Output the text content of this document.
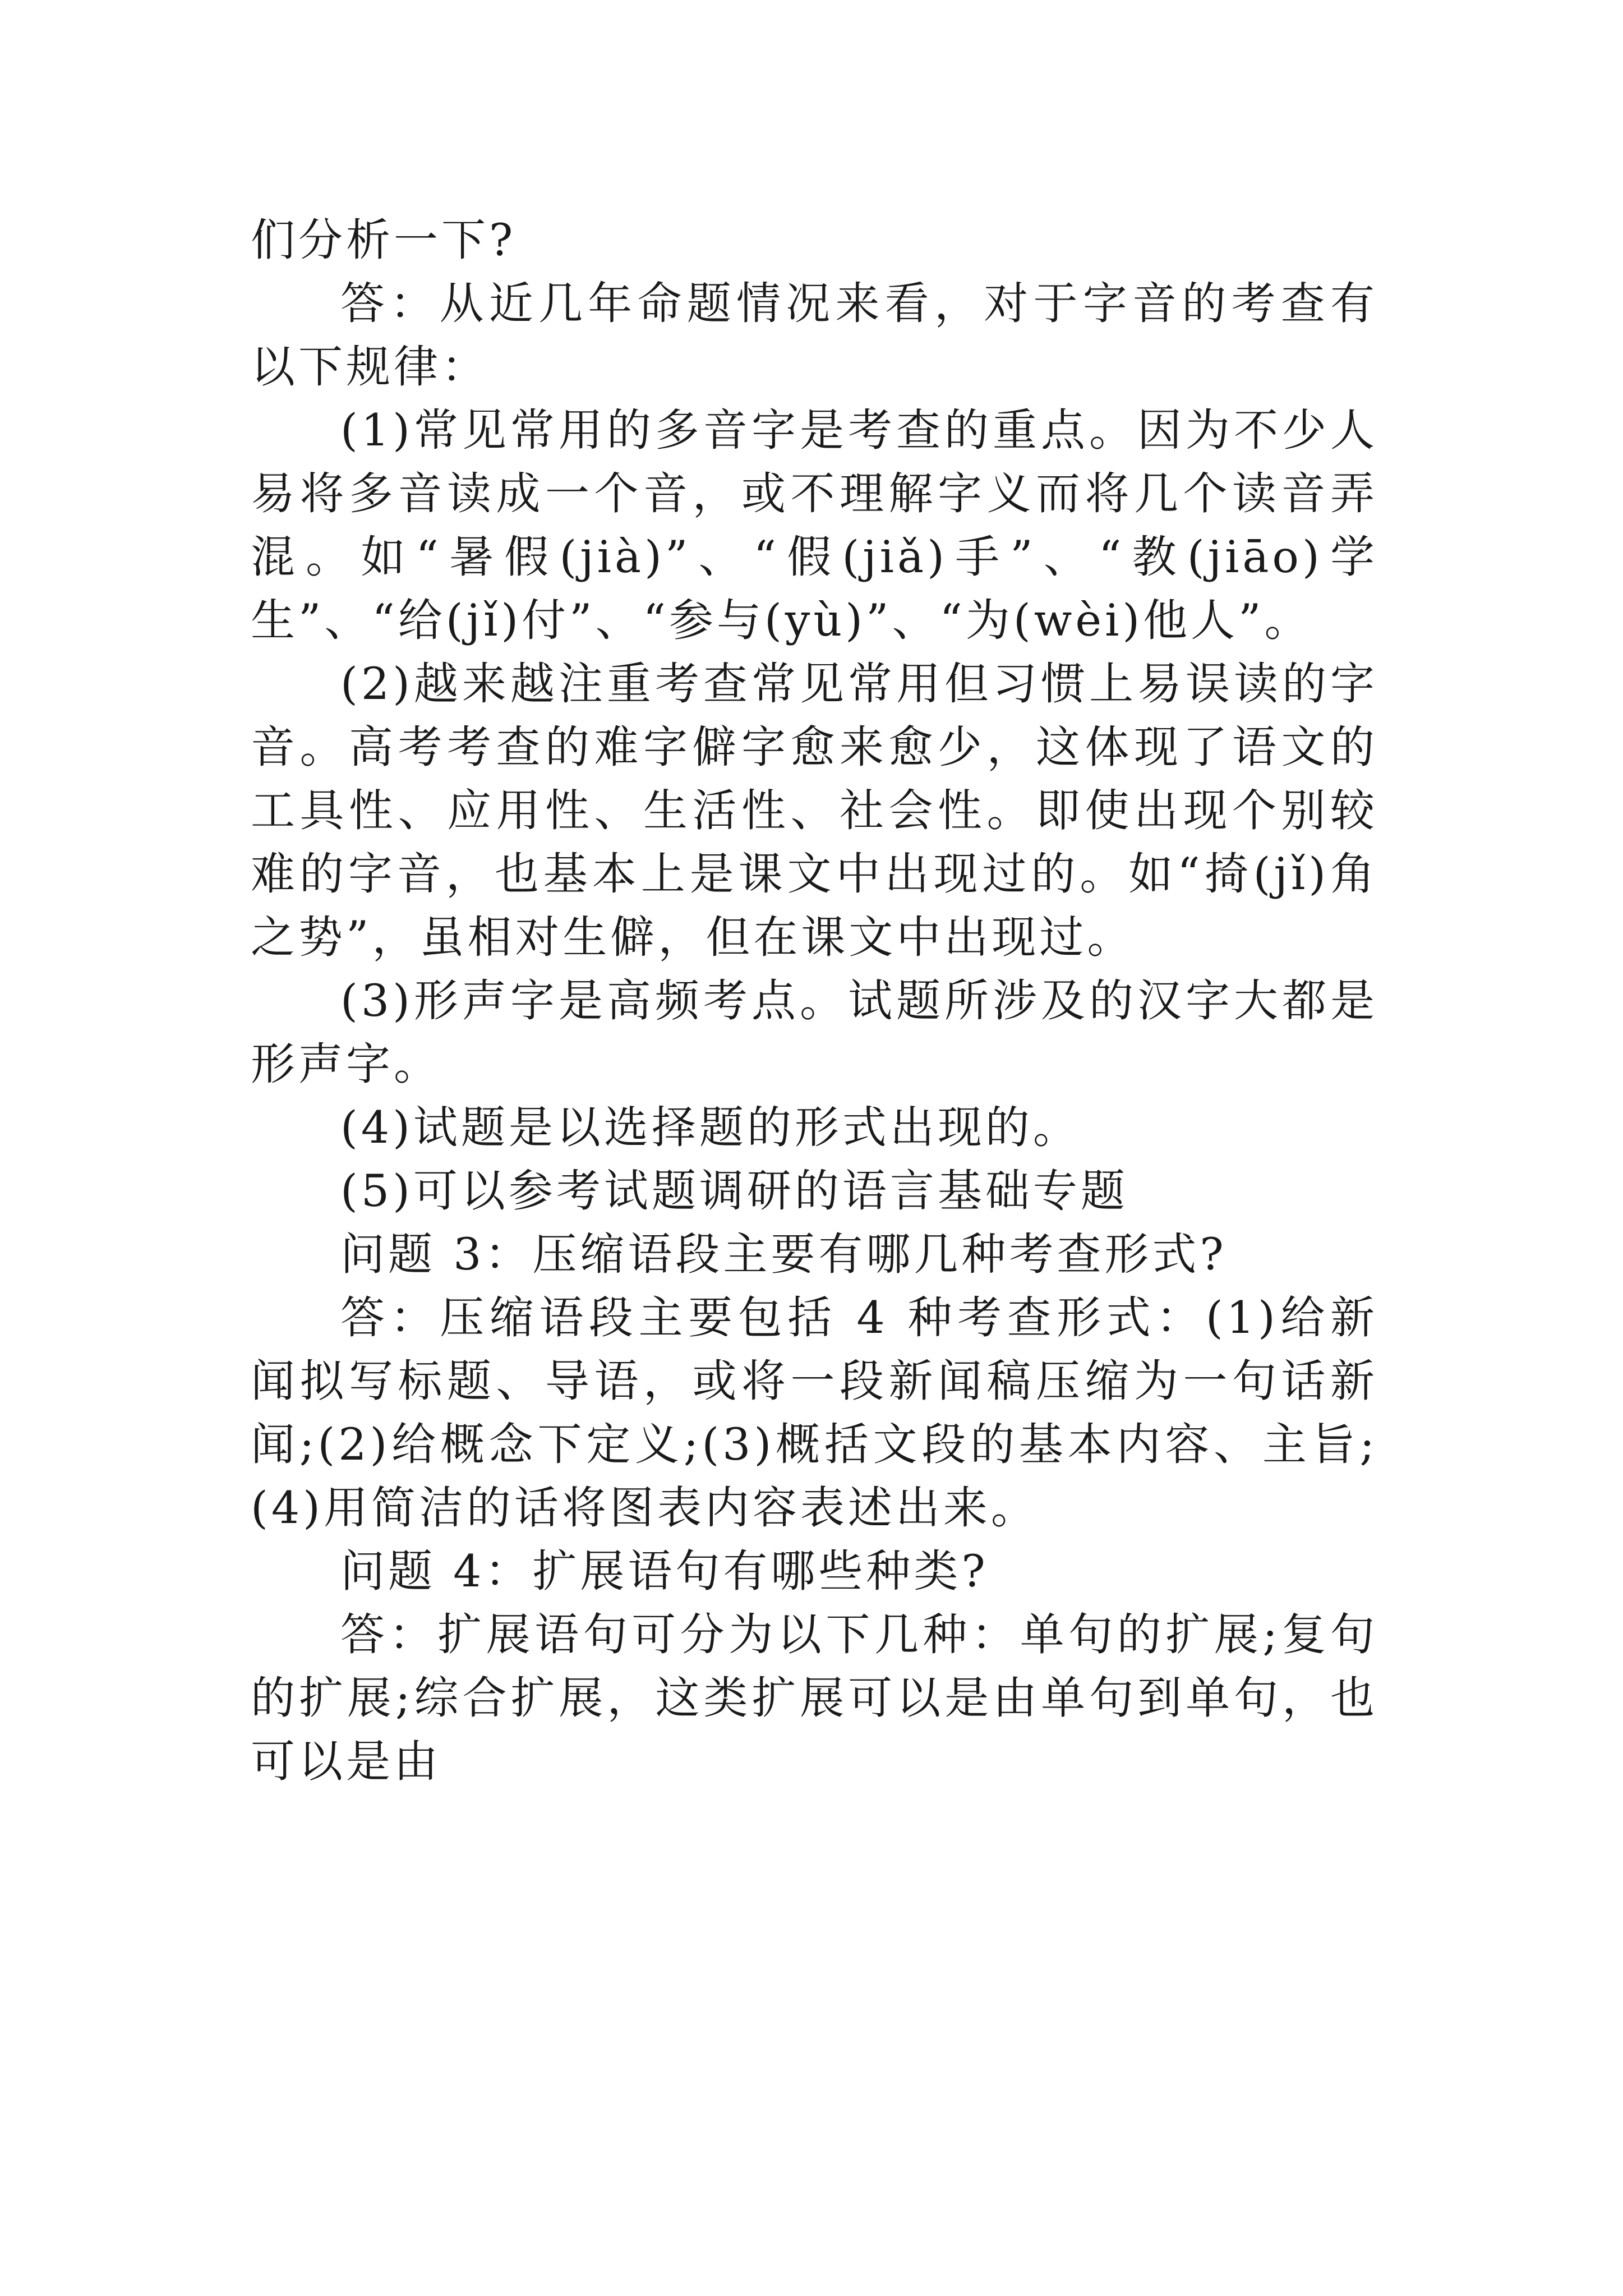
们分析一下?

答：从近几年命题情况来看，对于字音的考查有以下规律：

(1)常见常用的多音字是考查的重点。因为不少人易将多音读成一个音，或不理解字义而将几个读音弄混。如“暑假(jià)”、“假(jiǎ)手”、“教(jiāo)学生”、“给(jǐ)付”、“参与(yù)”、“为(wèi)他人”。

(2)越来越注重考查常见常用但习惯上易误读的字音。高考考查的难字僻字愈来愈少，这体现了语文的工具性、应用性、生活性、社会性。即使出现个别较难的字音，也基本上是课文中出现过的。如“掎(jǐ)角之势”，虽相对生僻，但在课文中出现过。

(3)形声字是高频考点。试题所涉及的汉字大都是形声字。

(4)试题是以选择题的形式出现的。

(5)可以参考试题调研的语言基础专题

问题 3：压缩语段主要有哪几种考查形式?

答：压缩语段主要包括 4 种考查形式：(1)给新闻拟写标题、导语，或将一段新闻稿压缩为一句话新闻;(2)给概念下定义;(3)概括文段的基本内容、主旨;(4)用简洁的话将图表内容表述出来。

问题 4：扩展语句有哪些种类?

答：扩展语句可分为以下几种：单句的扩展;复句的扩展;综合扩展，这类扩展可以是由单句到单句，也可以是由
